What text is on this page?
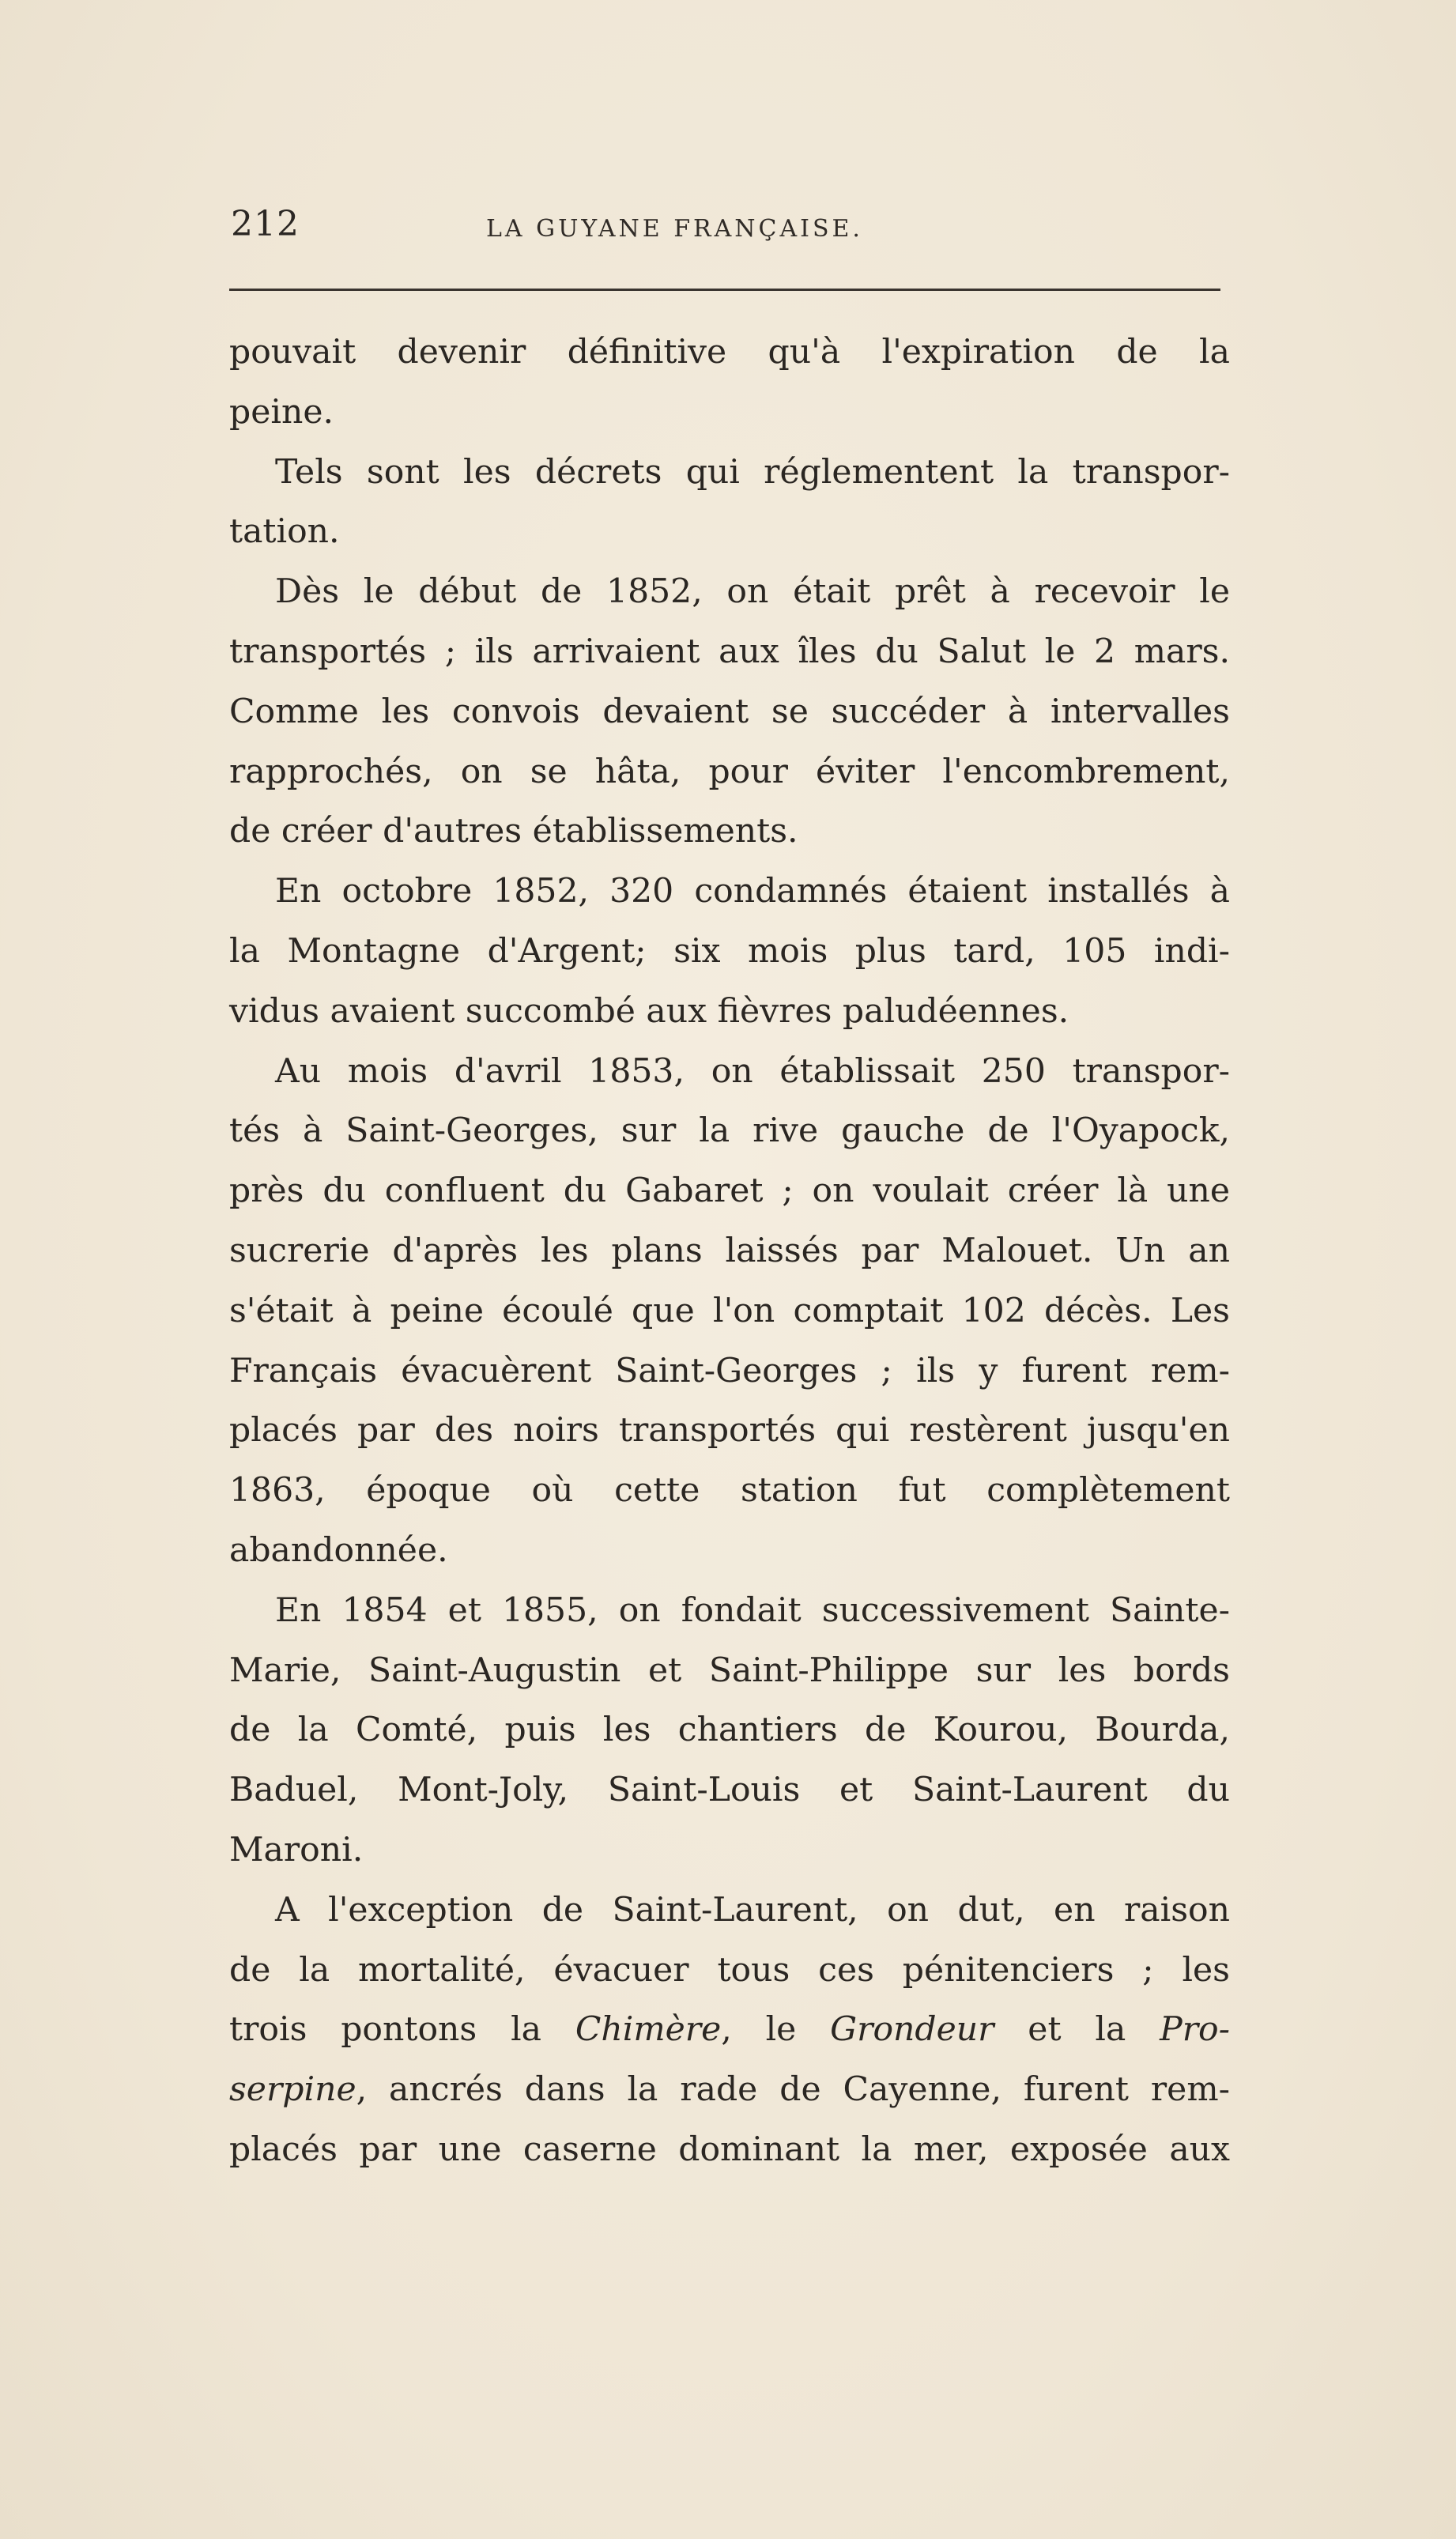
212	LA GUYANE FRANÇAISE.
pouvait devenir définitive qu'à l'expiration de la
peine.
Tels sont les décrets qui réglementent la transpor-
tation.
Dès le début de 1852, on était prêt à recevoir le
transportés ; ils arrivaient aux îles du Salut le 2 mars.
Comme les convois devaient se succéder à intervalles
rapprochés, on se hâta, pour éviter l'encombrement,
de créer d'autres établissements.
En octobre 1852, 320 condamnés étaient installés à
la Montagne d'Argent; six mois plus tard, 105 indi-
vidus avaient succombé aux fièvres paludéennes.
Au mois d'avril 1853, on établissait 250 transpor-
tés à Saint-Georges, sur la rive gauche de l'Oyapock,
près du confluent du Gabaret ; on voulait créer là une
sucrerie d'après les plans laissés par Malouet. Un an
s'était à peine écoulé que l'on comptait 102 décès. Les
Français évacuèrent Saint-Georges ; ils y furent rem-
placés par des noirs transportés qui restèrent jusqu'en
1863, époque où cette station fut complètement
abandonnée.
En 1854 et 1855, on fondait successivement Sainte-
Marie, Saint-Augustin et Saint-Philippe sur les bords
de la Comté, puis les chantiers de Kourou, Bourda,
Baduel, Mont-Joly, Saint-Louis et Saint-Laurent du
Maroni.
A l'exception de Saint-Laurent, on dut, en raison
de la mortalité, évacuer tous ces pénitenciers ; les
trois pontons la Chimère, le Grondeur et la Pro-
serpine, ancrés dans la rade de Cayenne, furent rem-
placés par une caserne dominant la mer, exposée aux
